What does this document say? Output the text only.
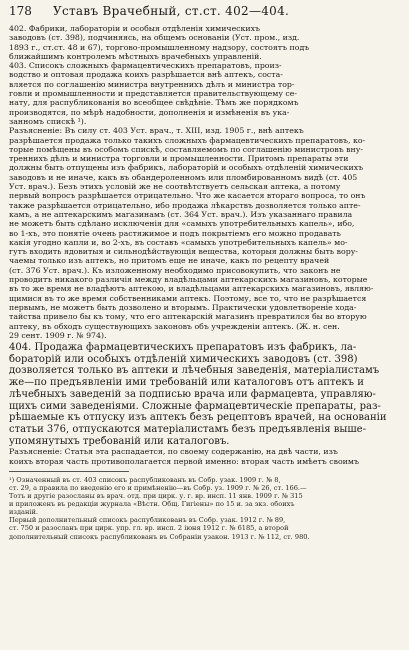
178 Уставъ Врачебный, ст.ст. 402—404.
402. Фабрики, лабораторіи и особыя отдѣленія химическихъ
заводовъ (ст. 398), подчиняясь, на общемъ основаніи (Уст. пром., изд.
1893 г., ст.ст. 48 и 67), торгово-промышленному надзору, состоятъ подъ
ближайшимъ контролемъ мѣстныхъ врачебныхъ управленій.
403. Списокъ сложныхъ фармацевтическихъ препаратовъ, произ-
водство и оптовая продажа коихъ разрѣшается внѣ аптекъ, соста-
вляется по соглашенію министра внутреннихъ дѣлъ и министра тор-
говли и промышленности и представляется правительствующему се-
нату, для распубликованія во всеобщее свѣдѣніе. Тѣмъ же порядкомъ
производятся, по мѣрѣ надобности, дополненія и измѣненія въ ука-
занномъ спискѣ ¹).
Разъясненіе: Въ силу ст. 403 Уст. врач., т. XIII, изд. 1905 г., внѣ аптекъ
разрѣшается продажа только такихъ сложныхъ фармацевтическихъ препаратовъ, ко-
торые помѣщены въ особомъ спискѣ, составляемомъ по соглашенію министровъ вну-
треннихъ дѣлъ и министра торговли и промышленности. Притомъ препараты эти
должны быть отпущены изъ фабрикъ, лабораторій и особыхъ отдѣленій химическихъ
заводовъ и не иначе, какъ въ обандероленномъ или пломбированномъ видѣ (ст. 405
Уст. врач.). Безъ этихъ условій же не соотвѣтствуетъ сельская аптека, а потому
первый вопросъ разрѣшается отрицательно. Что же касается втораго вопроса, то онъ
также разрѣшается отрицательно, ибо продажа лѣкарствъ дозволяется только апте-
камъ, а не аптекарскимъ магазинамъ (ст. 364 Уст. врач.). Изъ указаннаго правила
не можетъ быть сдѣлано исключенія для «самыхъ употребительныхъ капель», ибо,
во 1-хъ, это понятіе очень растяжимое и подъ покрытіемъ его можно продавать
какія угодно капли и, во 2-хъ, въ составъ «самыхъ употребительныхъ капель» мо-
гутъ входить ядовитыя и сильнодѣйствующія вещества, которыя должны быть вору-
чаемы только изъ аптекъ, но притомъ еще не иначе, какъ по рецепту врачей
(ст. 376 Уст. врач.). Къ изложенному необходимо присовокупить, что законъ не
проводитъ никакого различія между владѣльцами аптекарскихъ магазиновъ, которые
въ то же время не владѣютъ аптекою, и владѣльцами аптекарскихъ магазиновъ, являю-
щимися въ то же время собственниками аптекъ. Поэтому, все то, что не разрѣшается
первымъ, не можетъ быть дозволено и вторымъ. Практически удовлетвореніе хода-
тайства привело бы къ тому, что его аптекарскій магазинъ превратился бы во вторую
аптеку, въ обходъ существующихъ законовъ объ учрежденіи аптекъ. (Ж. н. сен.
29 сент. 1909 г. № 974).
404. Продажа фармацевтическихъ препаратовъ изъ фабрикъ, ла-
бораторій или особыхъ отдѣленій химическихъ заводовъ (ст. 398)
дозволяется только въ аптеки и лѣчебныя заведенія, матеріалистамъ
же—по предъявленіи ими требованій или каталоговъ отъ аптекъ и
лѣчебныхъ заведеній за подписью врача или фармацевта, управляю-
щихъ сими заведеніями. Сложные фармацевтическіе препараты, раз-
рѣшаемые къ отпуску изъ аптекъ безъ рецептовъ врачей, на основаніи
статьи 376, отпускаются матеріалистамъ безъ предъявленія выше-
упомянутыхъ требованій или каталоговъ.
Разъясненіе: Статья эта распадается, по своему содержанію, на двѣ части, изъ
коихъ вторая часть противополагается первой именно: вторая часть имѣетъ своимъ
¹) Означенный въ ст. 403 списокъ распубликованъ въ Собр. узак. 1909 г. № 8,
ст. 29, а правила по введенію его и примѣненію—въ Собр. уз. 1909 г. № 26, ст. 166.—
Тотъ и другіе разосланы въ врач. отд. при цирк. у. г. вр. инсп. 11 янв. 1909 г. № 315
и приложенъ въ редакціи журнала «Вѣстн. Общ. Гигіены» по 15 и. за экз. обоихъ
изданій.
Первый дополнительный списокъ распубликованъ въ Собр. узак. 1912 г. № 89,
ст. 750 и разосланъ при цирк. упр. гл. вр. инсп. 2 іюня 1912 г. № 6185, а второй
дополнительный списокъ распубликованъ въ Собраніи узакон. 1913 г. № 112, ст. 980.
